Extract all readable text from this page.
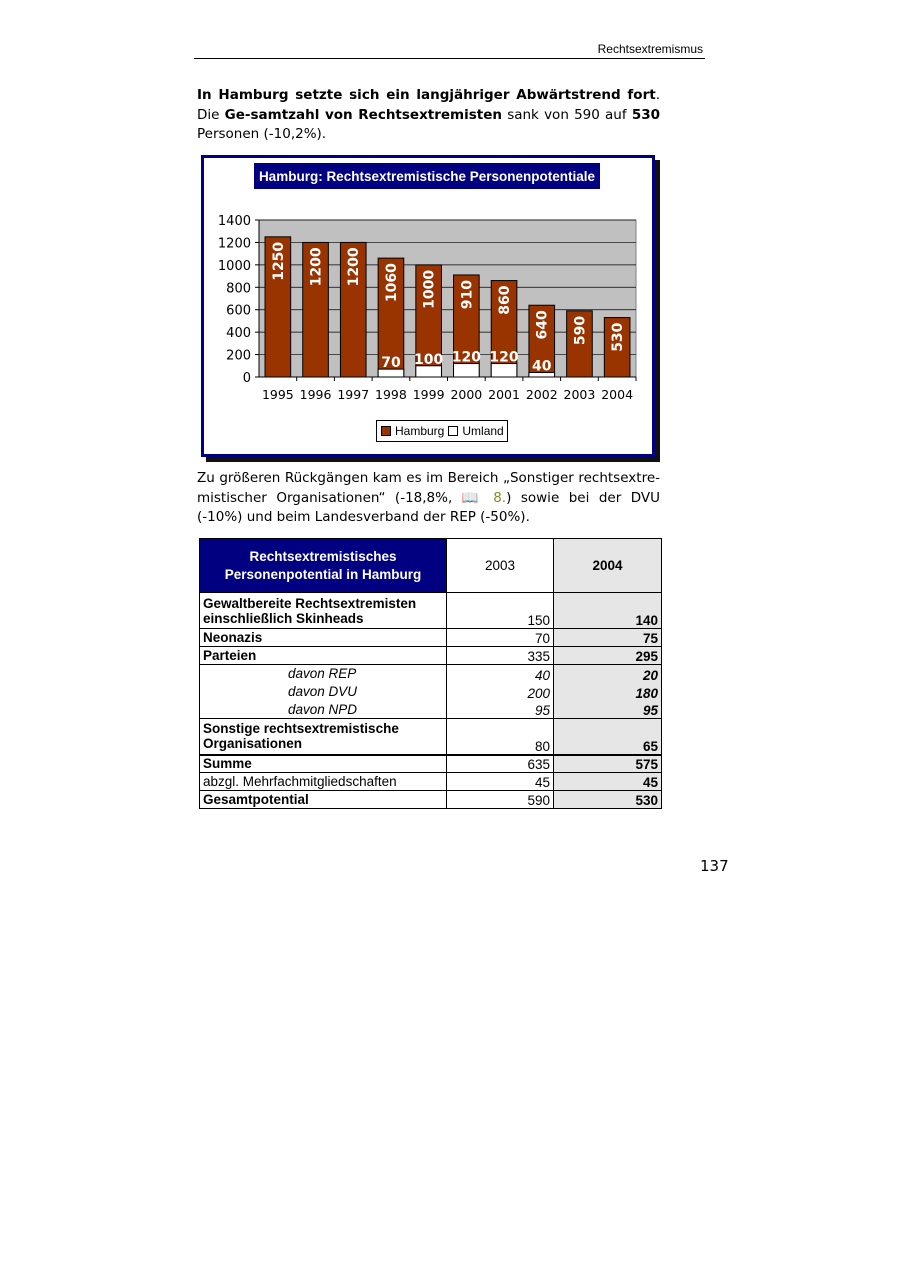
Rechtsextremismus
In Hamburg setzte sich ein langjähriger Abwärtstrend fort. Die Ge-samtzahl von Rechtsextremisten sank von 590 auf 530 Personen (-10,2%).
0
200
400
600
800
1000
1200
1400
1250
1995
1200
1996
1200
1997
70
1060
1998
100
1000
1999
120
910
2000
120
860
2001
40
640
2002
590
2003
530
2004
Hamburg: Rechtsextremistische Personenpotentiale
Hamburg Umland
Zu größeren Rückgängen kam es im Bereich „Sonstiger rechtsextre-mistischer Organisationen“ (-18,8%, 📖 8.) sowie bei der DVU (-10%) und beim Landesverband der REP (-50%).
Rechtsextremistisches Personenpotential in Hamburg	2003	2004
Gewaltbereite Rechtsextremisten einschließlich Skinheads	150	140
Neonazis	70	75
Parteien	335	295
davon REP	40	20
davon DVU	200	180
davon NPD	95	95
Sonstige rechtsextremistische Organisationen	80	65
Summe	635	575
abzgl. Mehrfachmitgliedschaften	45	45
Gesamtpotential	590	530
137
